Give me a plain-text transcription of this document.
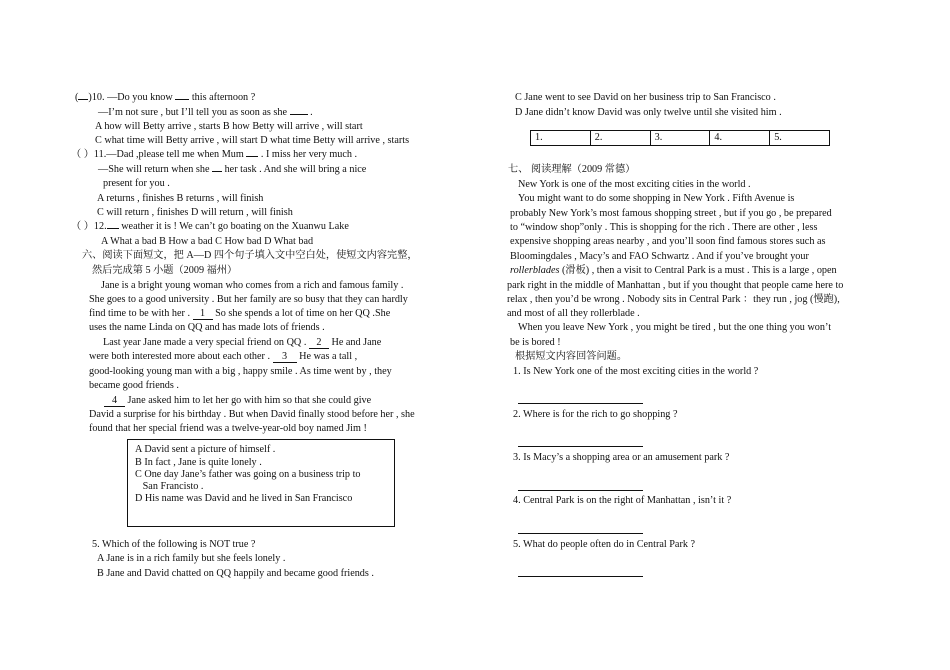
( )10. —Do you know  this afternoon ?
—I’m not sure , but I’ll tell you as soon as she  .
A how will Betty arrive , starts B how Betty will arrive , will start
C what time will Betty arrive , will start D what time Betty will arrive , starts
（ ）11.—Dad ,please tell me when Mum  . I miss her very much .
—She will return when she  her task . And she will bring a nice
present for you .
A returns , finishes B returns , will finish
C will return , finishes D will return , will finish
（ ）12. weather it is ! We can’t go boating on the Xuanwu Lake
A What a bad B How a bad C How bad D What bad
六、阅读下面短文，把 A—D 四个句子填入文中空白处，使短文内容完整，
然后完成第 5 小题（2009 福州）
Jane is a bright young woman who comes from a rich and famous family .
She goes to a good university . But her family are so busy that they can hardly
find time to be with her . 1 So she spends a lot of time on her QQ .She
uses the name Linda on QQ and has made lots of friends .
Last year Jane made a very special friend on QQ . 2 He and Jane
were both interested more about each other . 3 He was a tall ,
good-looking young man with a big , happy smile . As time went by , they
became good friends .
4 Jane asked him to let her go with him so that she could give
David a surprise for his birthday . But when David finally stood before her , she
found that her special friend was a twelve-year-old boy named Jim !
A David sent a picture of himself .
B In fact , Jane is quite lonely .
C One day Jane’s father was going on a business trip to
San Francisto .
D His name was David and he lived in San Francisco
5. Which of the following is NOT true ?
A Jane is in a rich family but she feels lonely .
B Jane and David chatted on QQ happily and became good friends .
C Jane went to see David on her business trip to San Francisco .
D Jane didn’t know David was only twelve until she visited him .
1.	2.	3.	4.	5.
七、 阅读理解（2009 常德）
New York is one of the most exciting cities in the world .
You might want to do some shopping in New York . Fifth Avenue is
probably New York’s most famous shopping street , but if you go , be prepared
to “window shop”only . This is shopping for the rich . There are other , less
expensive shopping areas nearby , and you’ll soon find famous stores such as
Bloomingdales , Macy’s and FAO Schwartz . And if you’ve brought your
rollerblades (滑板) , then a visit to Central Park is a must . This is a large , open
park right in the middle of Manhattan , but if you thought that people came here to
relax , then you’d be wrong . Nobody sits in Central Park ：they run , jog (慢跑),
and most of all they rollerblade .
When you leave New York , you might be tired , but the one thing you won’t
be is bored !
根据短文内容回答问题。
1. Is New York one of the most exciting cities in the world ?
2. Where is for the rich to go shopping ?
3. Is Macy’s a shopping area or an amusement park ?
4. Central Park is on the right of Manhattan , isn’t it ?
5. What do people often do in Central Park ?
